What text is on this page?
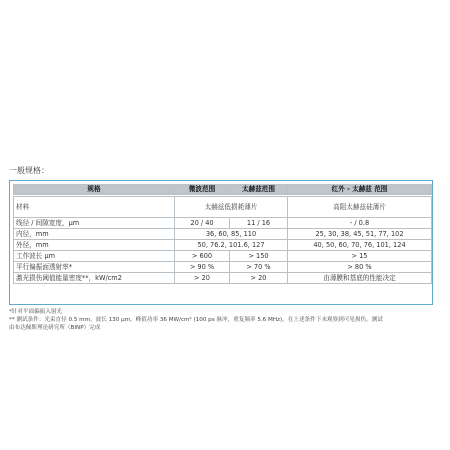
一般规格：
规格	微波范围	太赫兹范围	红外 - 太赫兹 范围

材料	太赫兹低损耗薄片		高阻太赫兹硅薄片
线径 / 间隙宽度，µm	20 / 40	11 / 16	- / 0.8
内径，mm	36, 60, 85, 110		25, 30, 38, 45, 51, 77, 102
外径，mm	50, 76.2, 101.6, 127		40, 50, 60, 70, 76, 101, 124
工作波长 µm	> 600	> 150	> 15
平行偏振面透射率*	> 90 %	> 70 %	> 80 %
激光损伤阈值能量密度**，kW/cm2	> 20	> 20	由薄膜和基底的性能决定
*针对平面偏振入射光
** 测试条件：光束直径 0.5 mm，波长 130 µm，峰值功率 36 MW/cm² (100 ps 脉冲，重复频率 5.6 MHz)，在上述条件下未观察到可见损伤。测试
由布达佩斯理论研究所（BINP）完成
